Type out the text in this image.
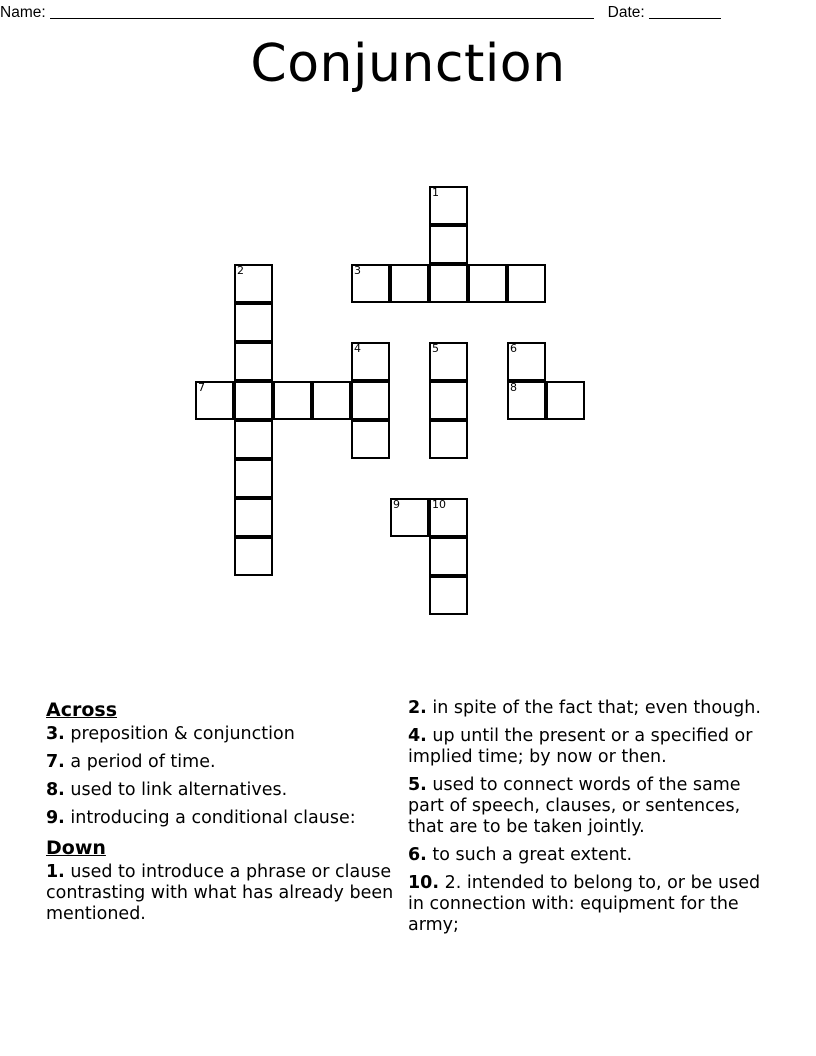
Name:	Date:
Conjunction
1
2	3
4	5	6
7	8
9	10
Across
3. preposition & conjunction
7. a period of time.
8. used to link alternatives.
9. introducing a conditional clause:
Down
1. used to introduce a phrase or clause contrasting with what has already been mentioned.
2. in spite of the fact that; even though.
4. up until the present or a specified or implied time; by now or then.
5. used to connect words of the same part of speech, clauses, or sentences, that are to be taken jointly.
6. to such a great extent.
10. 2. intended to belong to, or be used in connection with: equipment for the army;
